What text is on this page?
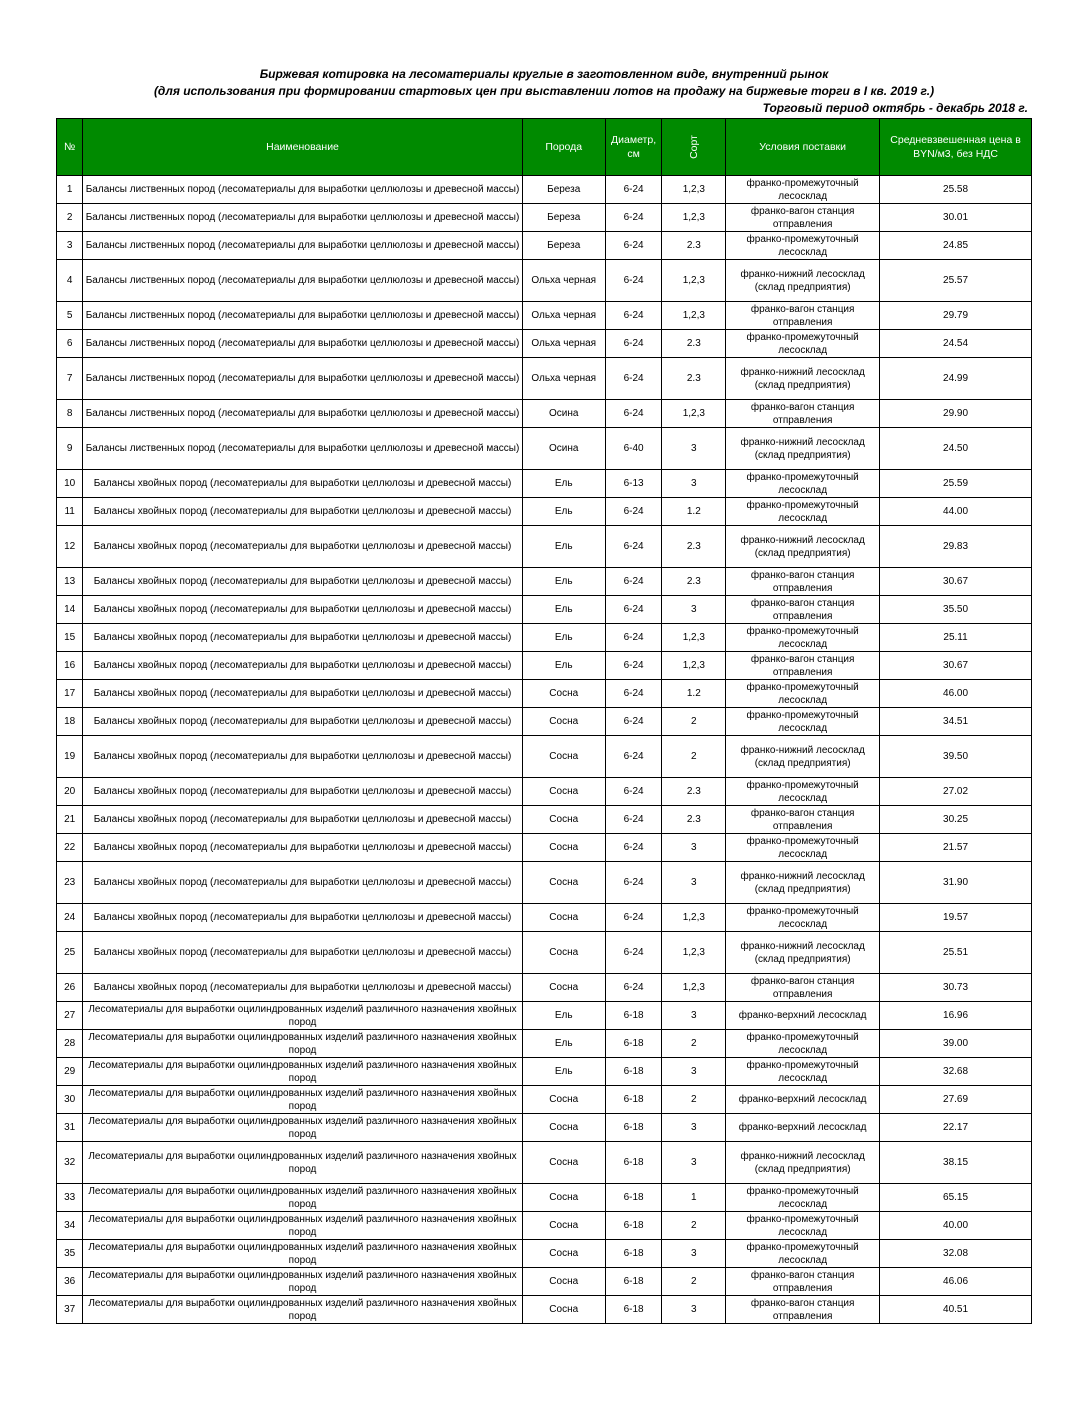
Биржевая котировка на лесоматериалы круглые в заготовленном виде, внутренний рынок
(для использования при формировании стартовых цен при выставлении лотов на продажу на биржевые торги в I кв. 2019 г.)
Торговый период октябрь - декабрь 2018 г.
№	Наименование	Порода	Диаметр, см	Сорт	Условия поставки	Средневзвешенная цена в BYN/м3, без НДС
1	Балансы лиственных пород (лесоматериалы для выработки целлюлозы и древесной массы)	Береза	6-24	1,2,3	франко-промежуточный лесосклад	25.58
2	Балансы лиственных пород (лесоматериалы для выработки целлюлозы и древесной массы)	Береза	6-24	1,2,3	франко-вагон станция отправления	30.01
3	Балансы лиственных пород (лесоматериалы для выработки целлюлозы и древесной массы)	Береза	6-24	2.3	франко-промежуточный лесосклад	24.85
4	Балансы лиственных пород (лесоматериалы для выработки целлюлозы и древесной массы)	Ольха черная	6-24	1,2,3	франко-нижний лесосклад (склад предприятия)	25.57
5	Балансы лиственных пород (лесоматериалы для выработки целлюлозы и древесной массы)	Ольха черная	6-24	1,2,3	франко-вагон станция отправления	29.79
6	Балансы лиственных пород (лесоматериалы для выработки целлюлозы и древесной массы)	Ольха черная	6-24	2.3	франко-промежуточный лесосклад	24.54
7	Балансы лиственных пород (лесоматериалы для выработки целлюлозы и древесной массы)	Ольха черная	6-24	2.3	франко-нижний лесосклад (склад предприятия)	24.99
8	Балансы лиственных пород (лесоматериалы для выработки целлюлозы и древесной массы)	Осина	6-24	1,2,3	франко-вагон станция отправления	29.90
9	Балансы лиственных пород (лесоматериалы для выработки целлюлозы и древесной массы)	Осина	6-40	3	франко-нижний лесосклад (склад предприятия)	24.50
10	Балансы хвойных пород (лесоматериалы для выработки целлюлозы и древесной массы)	Ель	6-13	3	франко-промежуточный лесосклад	25.59
11	Балансы хвойных пород (лесоматериалы для выработки целлюлозы и древесной массы)	Ель	6-24	1.2	франко-промежуточный лесосклад	44.00
12	Балансы хвойных пород (лесоматериалы для выработки целлюлозы и древесной массы)	Ель	6-24	2.3	франко-нижний лесосклад (склад предприятия)	29.83
13	Балансы хвойных пород (лесоматериалы для выработки целлюлозы и древесной массы)	Ель	6-24	2.3	франко-вагон станция отправления	30.67
14	Балансы хвойных пород (лесоматериалы для выработки целлюлозы и древесной массы)	Ель	6-24	3	франко-вагон станция отправления	35.50
15	Балансы хвойных пород (лесоматериалы для выработки целлюлозы и древесной массы)	Ель	6-24	1,2,3	франко-промежуточный лесосклад	25.11
16	Балансы хвойных пород (лесоматериалы для выработки целлюлозы и древесной массы)	Ель	6-24	1,2,3	франко-вагон станция отправления	30.67
17	Балансы хвойных пород (лесоматериалы для выработки целлюлозы и древесной массы)	Сосна	6-24	1.2	франко-промежуточный лесосклад	46.00
18	Балансы хвойных пород (лесоматериалы для выработки целлюлозы и древесной массы)	Сосна	6-24	2	франко-промежуточный лесосклад	34.51
19	Балансы хвойных пород (лесоматериалы для выработки целлюлозы и древесной массы)	Сосна	6-24	2	франко-нижний лесосклад (склад предприятия)	39.50
20	Балансы хвойных пород (лесоматериалы для выработки целлюлозы и древесной массы)	Сосна	6-24	2.3	франко-промежуточный лесосклад	27.02
21	Балансы хвойных пород (лесоматериалы для выработки целлюлозы и древесной массы)	Сосна	6-24	2.3	франко-вагон станция отправления	30.25
22	Балансы хвойных пород (лесоматериалы для выработки целлюлозы и древесной массы)	Сосна	6-24	3	франко-промежуточный лесосклад	21.57
23	Балансы хвойных пород (лесоматериалы для выработки целлюлозы и древесной массы)	Сосна	6-24	3	франко-нижний лесосклад (склад предприятия)	31.90
24	Балансы хвойных пород (лесоматериалы для выработки целлюлозы и древесной массы)	Сосна	6-24	1,2,3	франко-промежуточный лесосклад	19.57
25	Балансы хвойных пород (лесоматериалы для выработки целлюлозы и древесной массы)	Сосна	6-24	1,2,3	франко-нижний лесосклад (склад предприятия)	25.51
26	Балансы хвойных пород (лесоматериалы для выработки целлюлозы и древесной массы)	Сосна	6-24	1,2,3	франко-вагон станция отправления	30.73
27	Лесоматериалы для выработки оцилиндрованных изделий различного назначения хвойных пород	Ель	6-18	3	франко-верхний лесосклад	16.96
28	Лесоматериалы для выработки оцилиндрованных изделий различного назначения хвойных пород	Ель	6-18	2	франко-промежуточный лесосклад	39.00
29	Лесоматериалы для выработки оцилиндрованных изделий различного назначения хвойных пород	Ель	6-18	3	франко-промежуточный лесосклад	32.68
30	Лесоматериалы для выработки оцилиндрованных изделий различного назначения хвойных пород	Сосна	6-18	2	франко-верхний лесосклад	27.69
31	Лесоматериалы для выработки оцилиндрованных изделий различного назначения хвойных пород	Сосна	6-18	3	франко-верхний лесосклад	22.17
32	Лесоматериалы для выработки оцилиндрованных изделий различного назначения хвойных пород	Сосна	6-18	3	франко-нижний лесосклад (склад предприятия)	38.15
33	Лесоматериалы для выработки оцилиндрованных изделий различного назначения хвойных пород	Сосна	6-18	1	франко-промежуточный лесосклад	65.15
34	Лесоматериалы для выработки оцилиндрованных изделий различного назначения хвойных пород	Сосна	6-18	2	франко-промежуточный лесосклад	40.00
35	Лесоматериалы для выработки оцилиндрованных изделий различного назначения хвойных пород	Сосна	6-18	3	франко-промежуточный лесосклад	32.08
36	Лесоматериалы для выработки оцилиндрованных изделий различного назначения хвойных пород	Сосна	6-18	2	франко-вагон станция отправления	46.06
37	Лесоматериалы для выработки оцилиндрованных изделий различного назначения хвойных пород	Сосна	6-18	3	франко-вагон станция отправления	40.51
